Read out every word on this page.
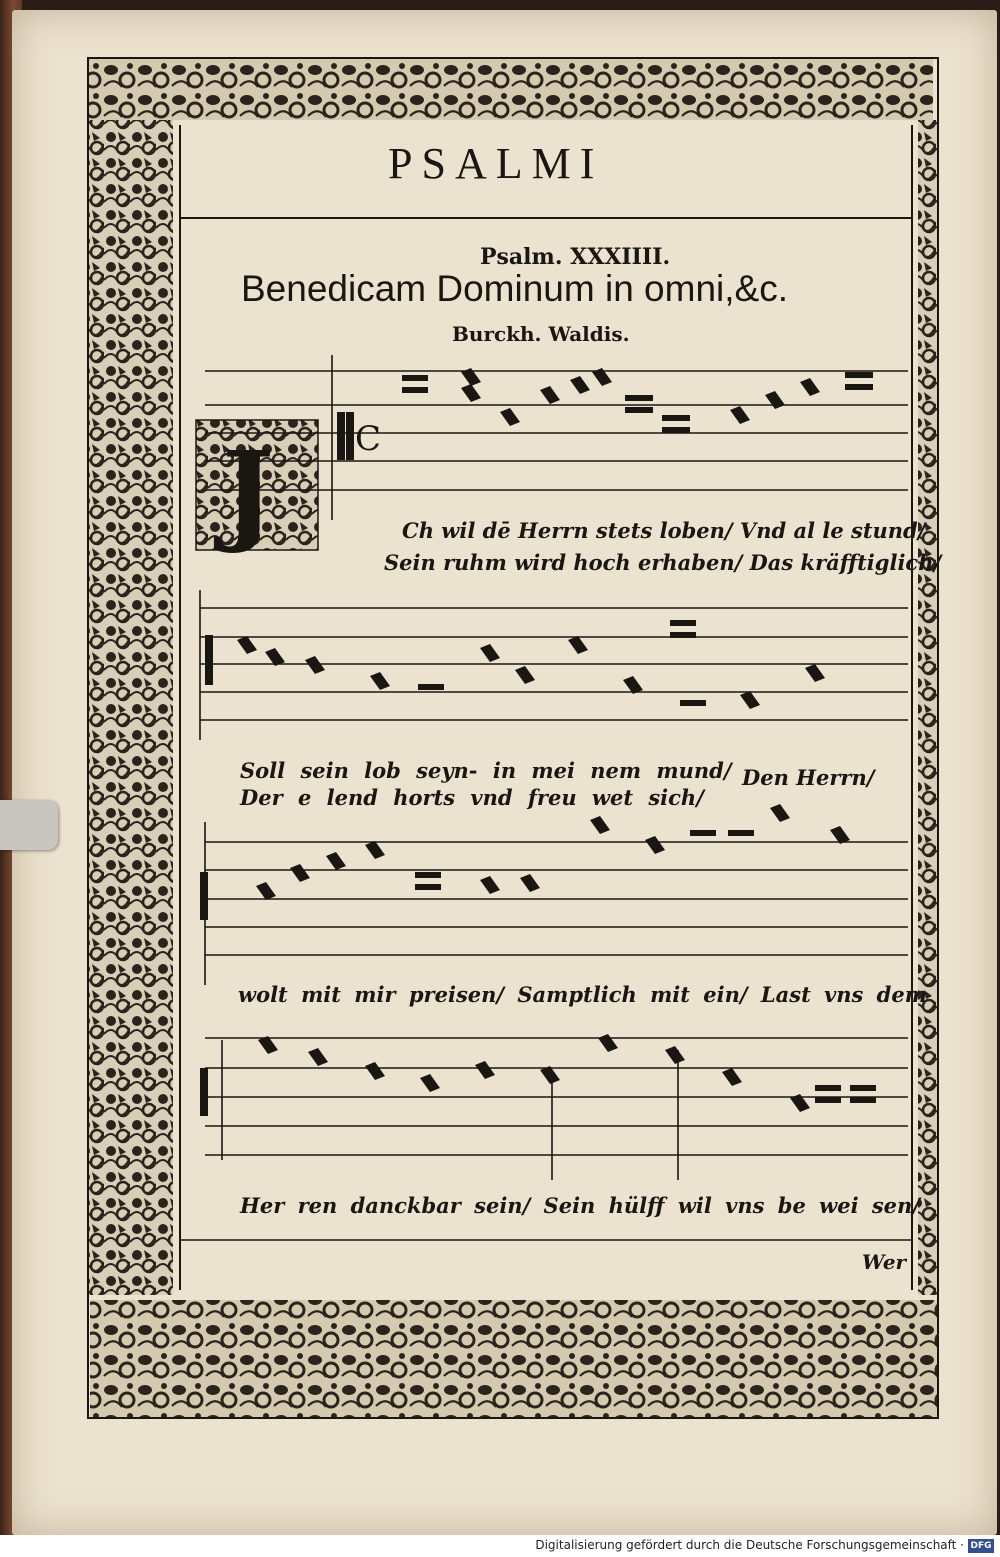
J C
PSALMI
Psalm. XXXIIII.
Benedicam Dominum in omni,&c.
Burckh. Waldis.
Ch wil dē Herrn stets loben/ Vnd al le stund/
Sein ruhm wird hoch erhaben/ Das kräfftiglich/
Soll sein lob seyn- in mei nem mund/
Der e lend horts vnd freu wet sich/
Den Herrn/
wolt mit mir preisen/ Samptlich mit ein/ Last vns dem
Her ren danckbar sein/ Sein hülff wil vns be wei sen/
Wer
Digitalisierung gefördert durch die Deutsche Forschungsgemeinschaft · DFG
